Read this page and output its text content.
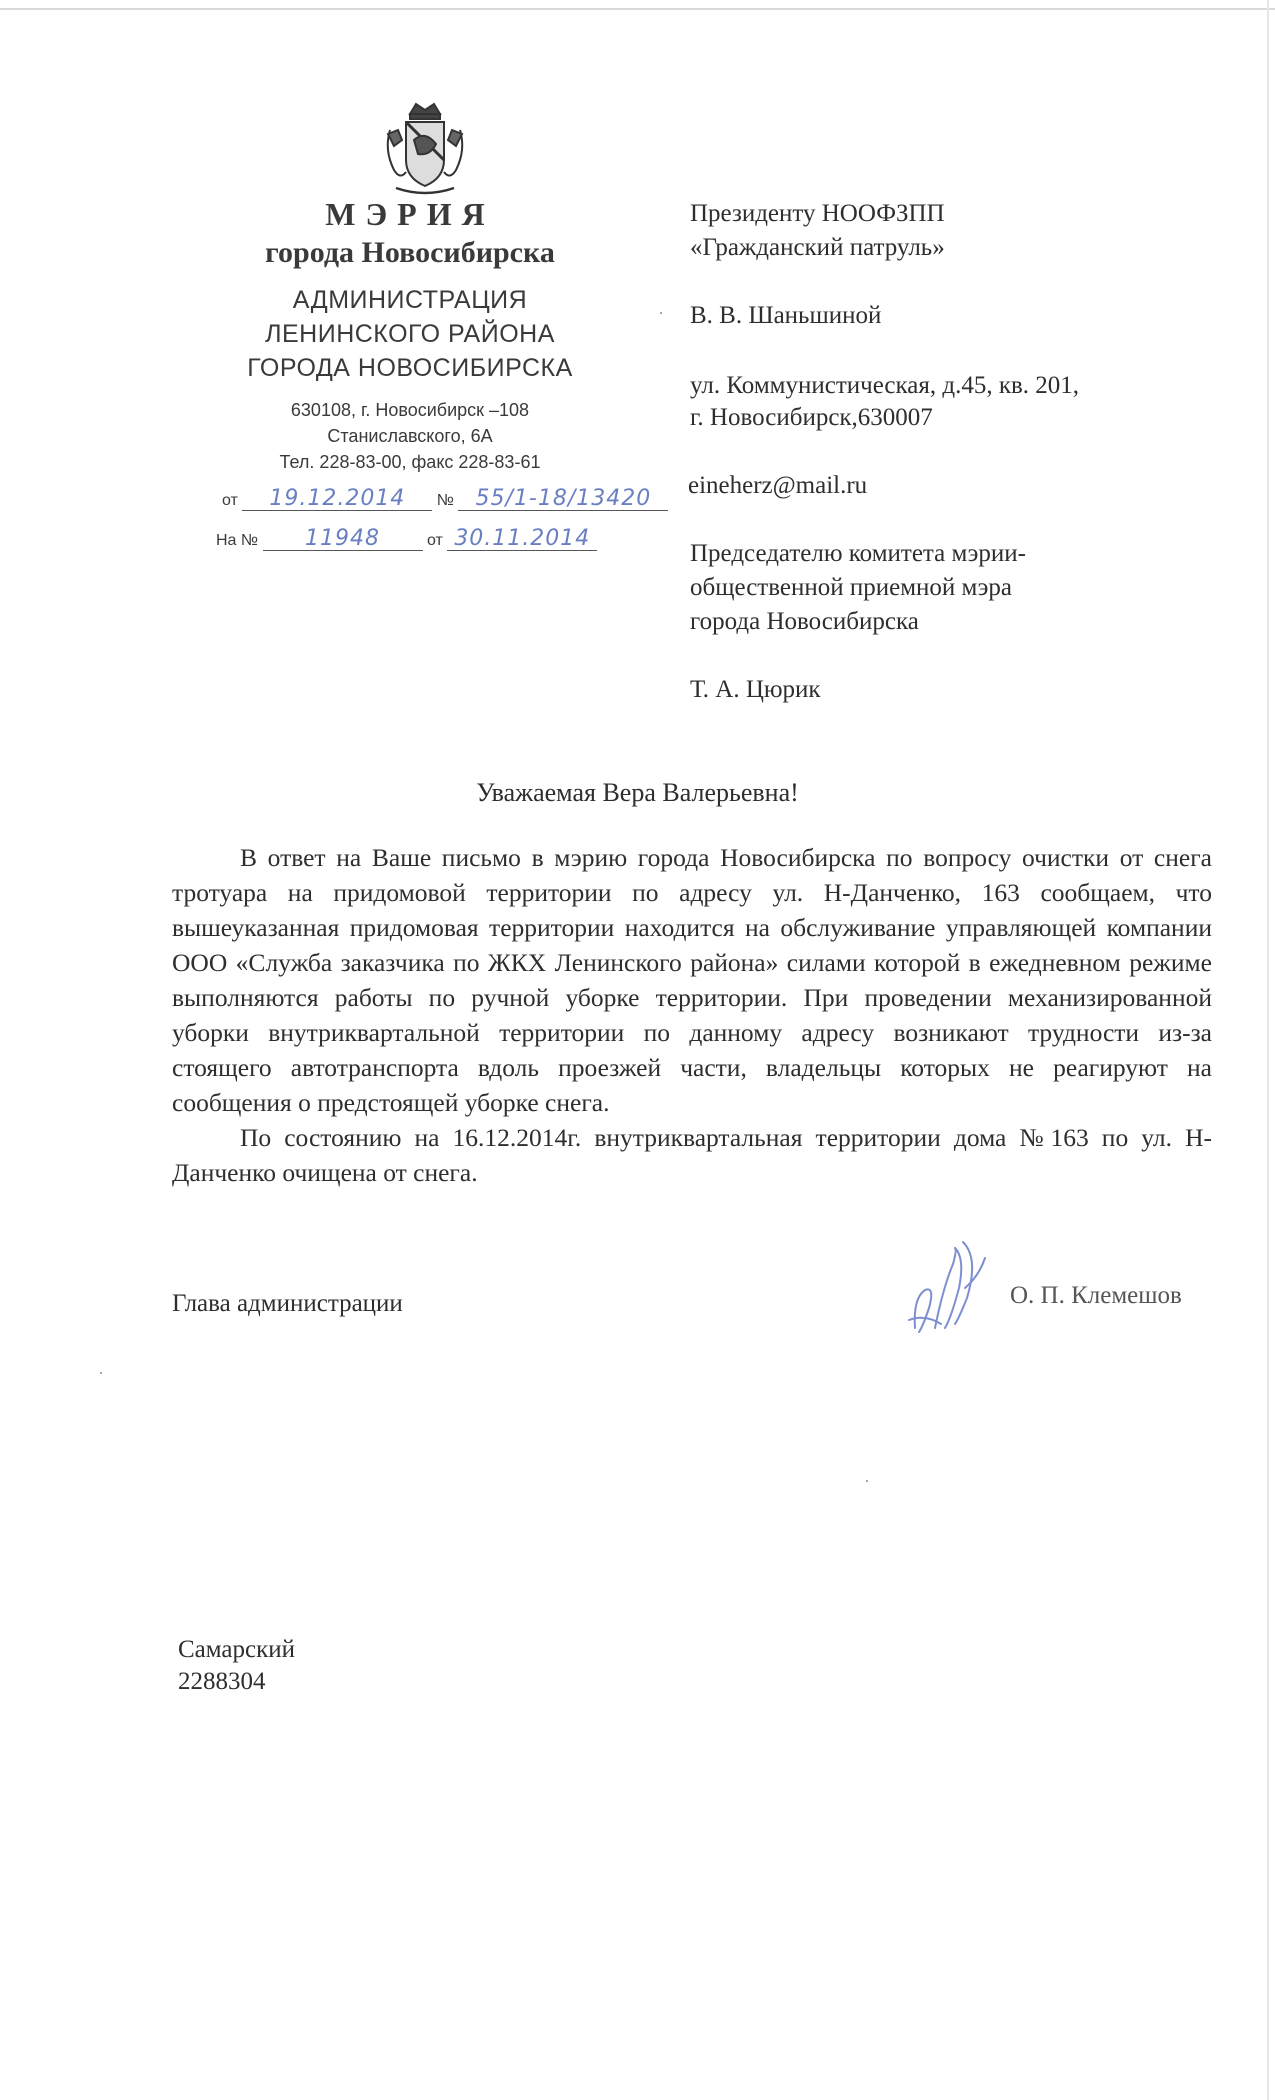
МЭРИЯ
города Новосибирска
АДМИНИСТРАЦИЯ
ЛЕНИНСКОГО РАЙОНА
ГОРОДА НОВОСИБИРСКА
630108, г. Новосибирск –108
Станиславского, 6А
Тел. 228-83-00, факс 228-83-61
от 19.12.2014 № 55/1-18/13420
На № 11948	от 30.11.2014
Президенту НООФЗПП
«Гражданский патруль»
В. В. Шаньшиной
ул. Коммунистическая, д.45, кв. 201,
г. Новосибирск,630007
eineherz@mail.ru
Председателю комитета мэрии-
общественной приемной мэра
города Новосибирска
Т. А. Цюрик
Уважаемая Вера Валерьевна!

В ответ на Ваше письмо в мэрию города Новосибирска по вопросу очистки от снега тротуара на придомовой территории по адресу ул. Н-Данченко, 163 сообщаем, что вышеуказанная придомовая территории находится на обслуживание управляющей компании ООО «Служба заказчика по ЖКХ Ленинского района» силами которой в ежедневном режиме выполняются работы по ручной уборке территории. При проведении механизированной уборки внутриквартальной территории по данному адресу возникают трудности из-за стоящего автотранспорта вдоль проезжей части, владельцы которых не реагируют на сообщения о предстоящей уборке снега.

По состоянию на 16.12.2014г. внутриквартальная территории дома №163 по ул. Н-Данченко очищена от снега.

Глава администрации	О. П. Клемешов
Самарский
2288304
